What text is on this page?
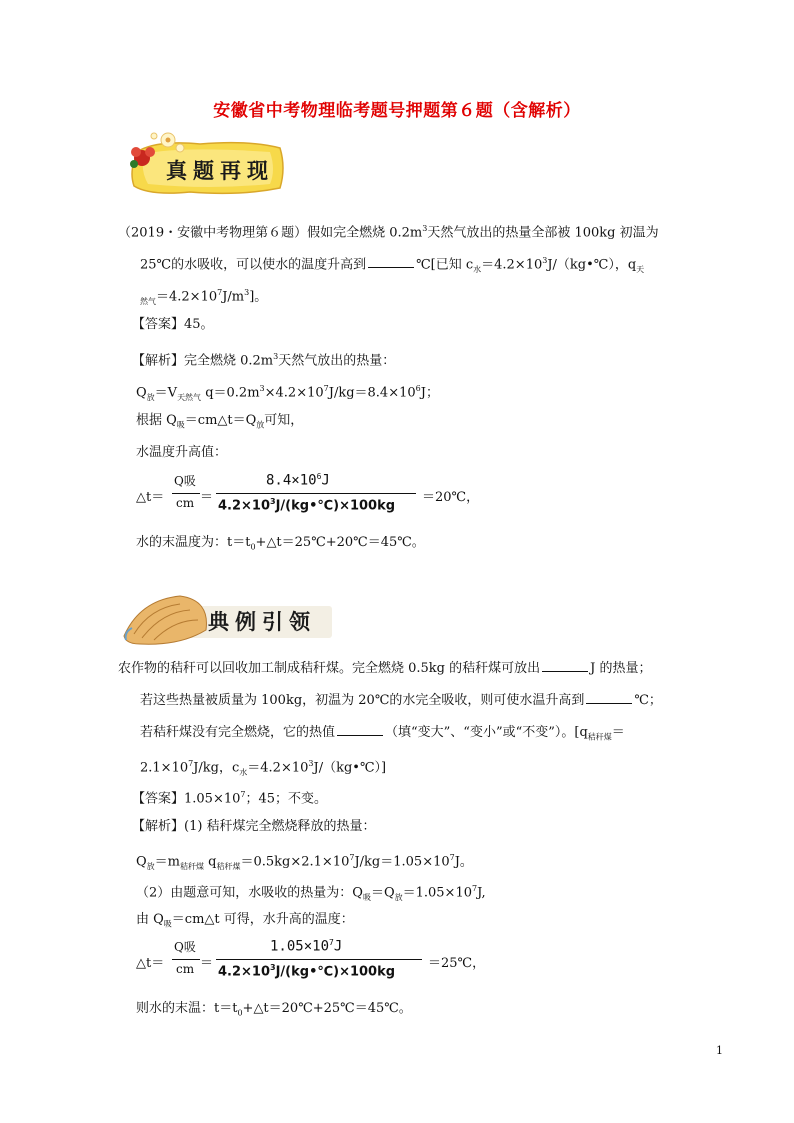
安徽省中考物理临考题号押题第６题（含解析）
真题再现
（2019・安徽中考物理第６题）假如完全燃烧 $0.2m^3$天然气放出的热量全部被 100kg 初温为
25℃的水吸收，可以使水的温度升高到	℃[已知 $c_水=4.2\times 10^3J/(kg•℃)$，$q_天$
$_{然气}=4.2\times 10^7J/m^3$]。
【答案】45。
【解析】完全燃烧 $0.2m^3$天然气放出的热量：
$Q_放=V_{天然气}$ $q=0.2m^3\times 4.2\times 10^7J/kg=8.4\times 10^6J$；
根据 $Q_吸=cm\triangle t=Q_放$可知，
水温度升高值：
△t＝
Q吸
cm ＝
$8.4\times 10^6J$
$4.2\times 10^3J/(kg•℃)\times 100kg$
＝20℃，
水的末温度为：$t=t_0+\triangle t=25℃+20℃=45℃$。
典例引领
农作物的秸秆可以回收加工制成秸秆煤。完全燃烧 0.5kg 的秸秆煤可放出	J 的热量；
若这些热量被质量为 100kg，初温为 20℃的水完全吸收，则可使水温升高到	℃；
若秸秆煤没有完全燃烧，它的热值	（填“变大”、“变小”或“不变”）。[$q_{秸秆煤}=$
$2.1\times 10^7J/kg$，$c_水=4.2\times 10^3J/(kg•℃)$]
【答案】$1.05\times 10^7$；45；不变。
【解析】(1) 秸秆煤完全燃烧释放的热量：
$Q_放=m_{秸秆煤}$ $q_{秸秆煤}=0.5kg\times 2.1\times 10^7J/kg=1.05\times 10^7J$。
（2）由题意可知，水吸收的热量为：$Q_吸=Q_放=1.05\times 10^7J$,
由 $Q_吸=cm\triangle t$ 可得，水升高的温度：
△t＝
Q吸
cm ＝
$1.05\times 10^7J$
$4.2\times 10^3J/(kg•℃)\times 100kg$
＝25℃，
则水的末温：$t=t_0+\triangle t=20℃+25℃=45℃$。
1
